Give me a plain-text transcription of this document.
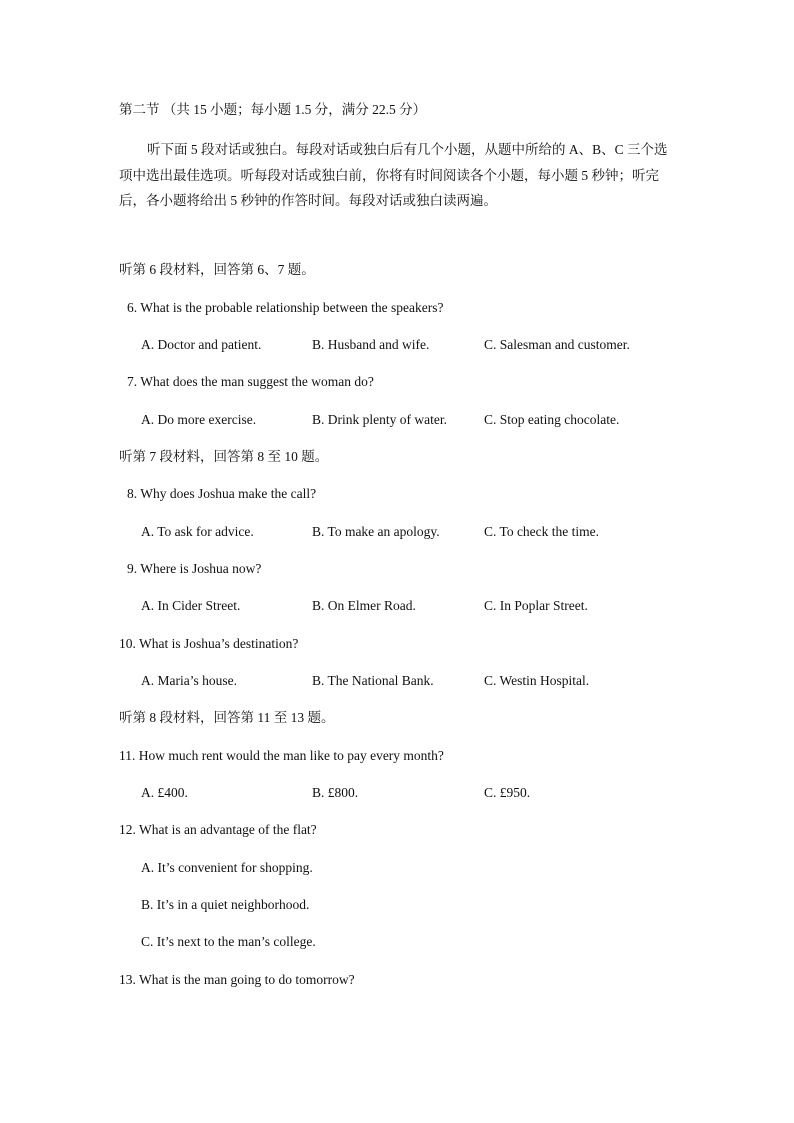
第二节 （共 15 小题；每小题 1.5 分，满分 22.5 分）
听下面 5 段对话或独白。每段对话或独白后有几个小题，从题中所给的 A、B、C 三个选项中选出最佳选项。听每段对话或独白前，你将有时间阅读各个小题，每小题 5 秒钟；听完后，各小题将给出 5 秒钟的作答时间。每段对话或独白读两遍。
听第 6 段材料，回答第 6、7 题。
6. What is the probable relationship between the speakers?
A. Doctor and patient.	B. Husband and wife.	C. Salesman and customer.
7. What does the man suggest the woman do?
A. Do more exercise.	B. Drink plenty of water.	C. Stop eating chocolate.
听第 7 段材料，回答第 8 至 10 题。
8. Why does Joshua make the call?
A. To ask for advice.	B. To make an apology.	C. To check the time.
9. Where is Joshua now?
A. In Cider Street.	B. On Elmer Road.	C. In Poplar Street.
10. What is Joshua’s destination?
A. Maria’s house.	B. The National Bank.	C. Westin Hospital.
听第 8 段材料，回答第 11 至 13 题。
11. How much rent would the man like to pay every month?
A. £400.	B. £800.	C. £950.
12. What is an advantage of the flat?
A. It’s convenient for shopping.
B. It’s in a quiet neighborhood.
C. It’s next to the man’s college.
13. What is the man going to do tomorrow?
